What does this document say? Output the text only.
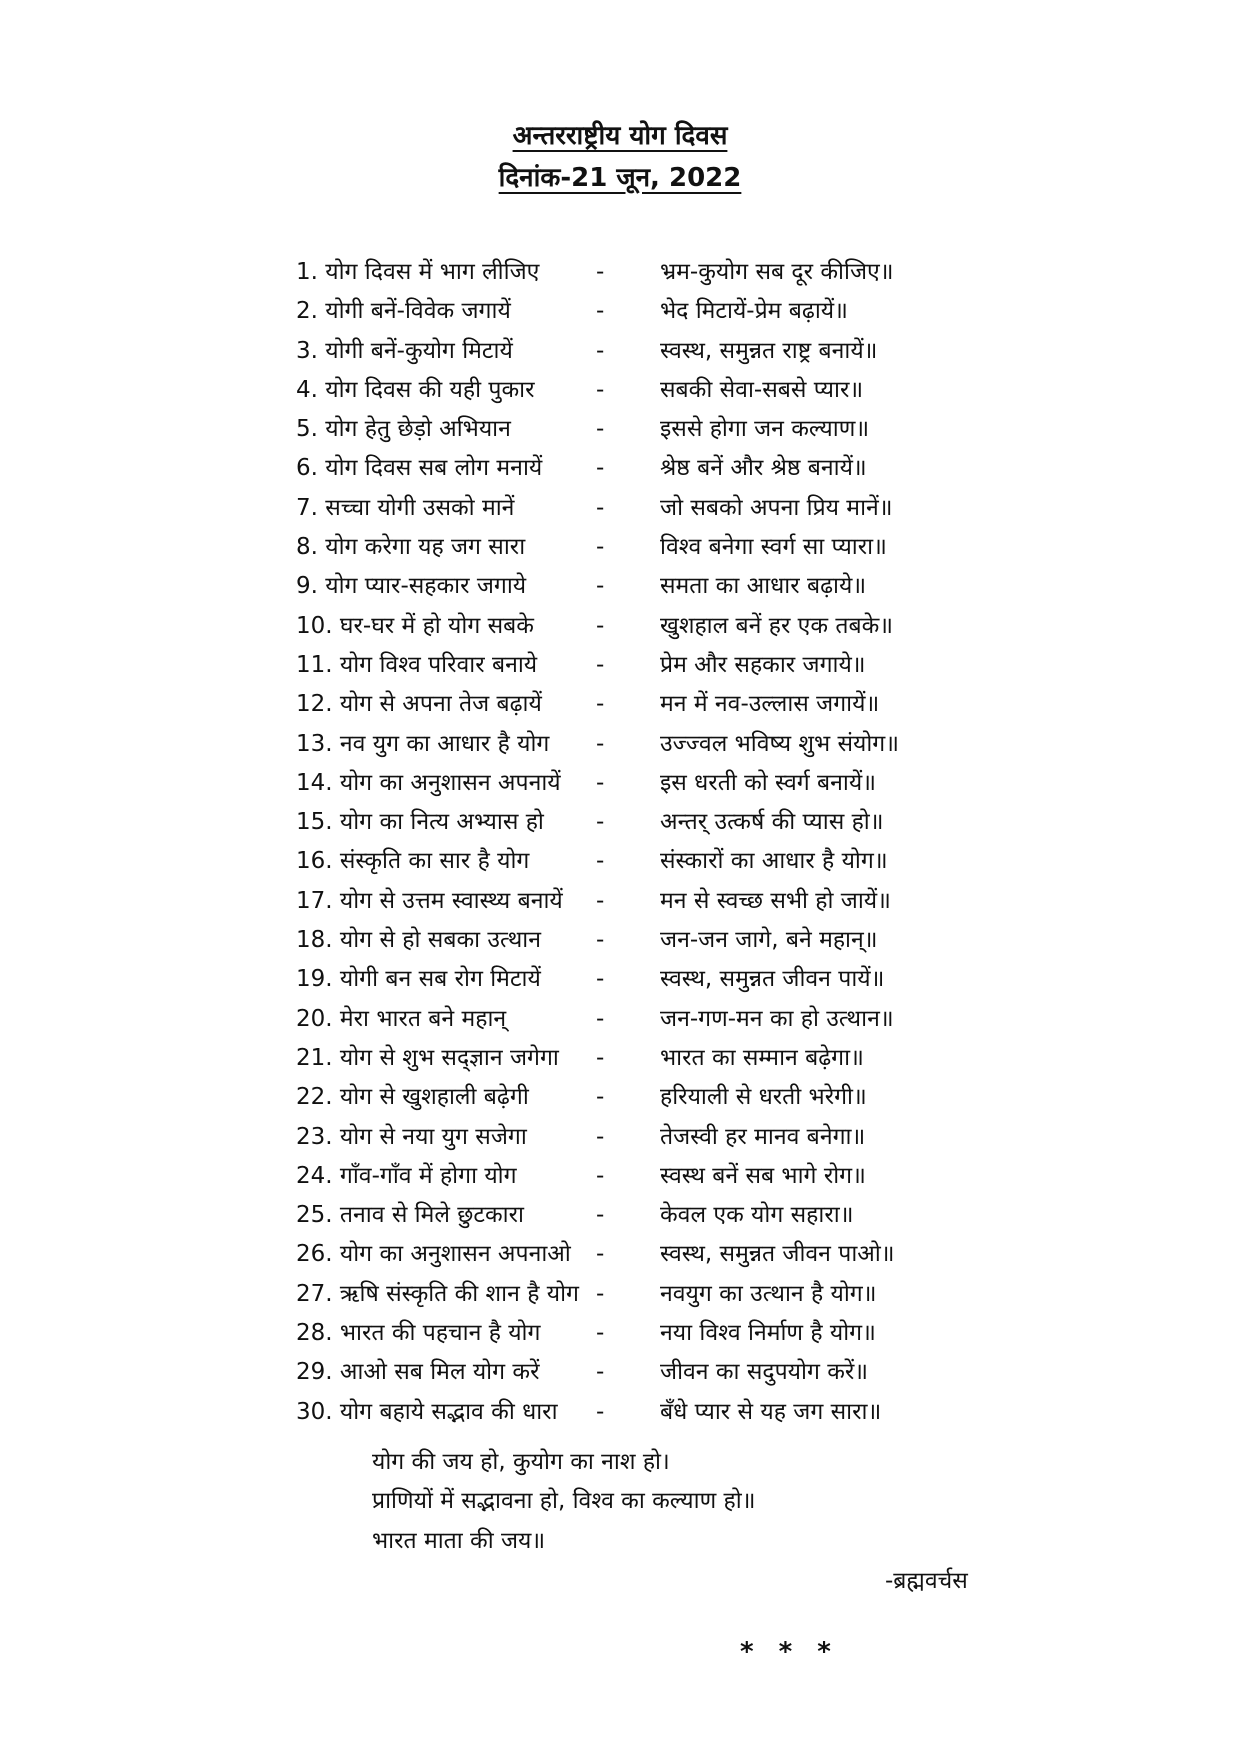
अन्तरराष्ट्रीय योग दिवस
दिनांक-21 जून, 2022
1. योग दिवस में भाग लीजिए - भ्रम-कुयोग सब दूर कीजिए॥
2. योगी बनें-विवेक जगायें	- भेद मिटायें-प्रेम बढ़ायें॥
3. योगी बनें-कुयोग मिटायें	- स्वस्थ, समुन्नत राष्ट्र बनायें॥
4. योग दिवस की यही पुकार	- सबकी सेवा-सबसे प्यार॥
5. योग हेतु छेड़ो अभियान	- इससे होगा जन कल्याण॥
6. योग दिवस सब लोग मनायें - श्रेष्ठ बनें और श्रेष्ठ बनायें॥
7. सच्चा योगी उसको मानें	- जो सबको अपना प्रिय मानें॥
8. योग करेगा यह जग सारा	- विश्व बनेगा स्वर्ग सा प्यारा॥
9. योग प्यार-सहकार जगाये	- समता का आधार बढ़ाये॥
10. घर-घर में हो योग सबके	- खुशहाल बनें हर एक तबके॥
11. योग विश्व परिवार बनाये	- प्रेम और सहकार जगाये॥
12. योग से अपना तेज बढ़ायें - मन में नव-उल्लास जगायें॥
13. नव युग का आधार है योग - उज्ज्वल भविष्य शुभ संयोग॥
14. योग का अनुशासन अपनायें - इस धरती को स्वर्ग बनायें॥
15. योग का नित्य अभ्यास हो - अन्तर् उत्कर्ष की प्यास हो॥
16. संस्कृति का सार है योग	- संस्कारों का आधार है योग॥
17. योग से उत्तम स्वास्थ्य बनायें - मन से स्वच्छ सभी हो जायें॥
18. योग से हो सबका उत्थान - जन-जन जागे, बने महान्॥
19. योगी बन सब रोग मिटायें - स्वस्थ, समुन्नत जीवन पायें॥
20. मेरा भारत बने महान्	- जन-गण-मन का हो उत्थान॥
21. योग से शुभ सद्ज्ञान जगेगा - भारत का सम्मान बढ़ेगा॥
22. योग से खुशहाली बढ़ेगी	- हरियाली से धरती भरेगी॥
23. योग से नया युग सजेगा	- तेजस्वी हर मानव बनेगा॥
24. गाँव-गाँव में होगा योग	- स्वस्थ बनें सब भागे रोग॥
25. तनाव से मिले छुटकारा	- केवल एक योग सहारा॥
26. योग का अनुशासन अपनाओ - स्वस्थ, समुन्नत जीवन पाओ॥
27. ऋषि संस्कृति की शान है योग - नवयुग का उत्थान है योग॥
28. भारत की पहचान है योग - नया विश्व निर्माण है योग॥
29. आओ सब मिल योग करें - जीवन का सदुपयोग करें॥
30. योग बहाये सद्भाव की धारा - बँधे प्यार से यह जग सारा॥
योग की जय हो, कुयोग का नाश हो।
प्राणियों में सद्भावना हो, विश्व का कल्याण हो॥
भारत माता की जय॥
-ब्रह्मवर्चस
* * *
